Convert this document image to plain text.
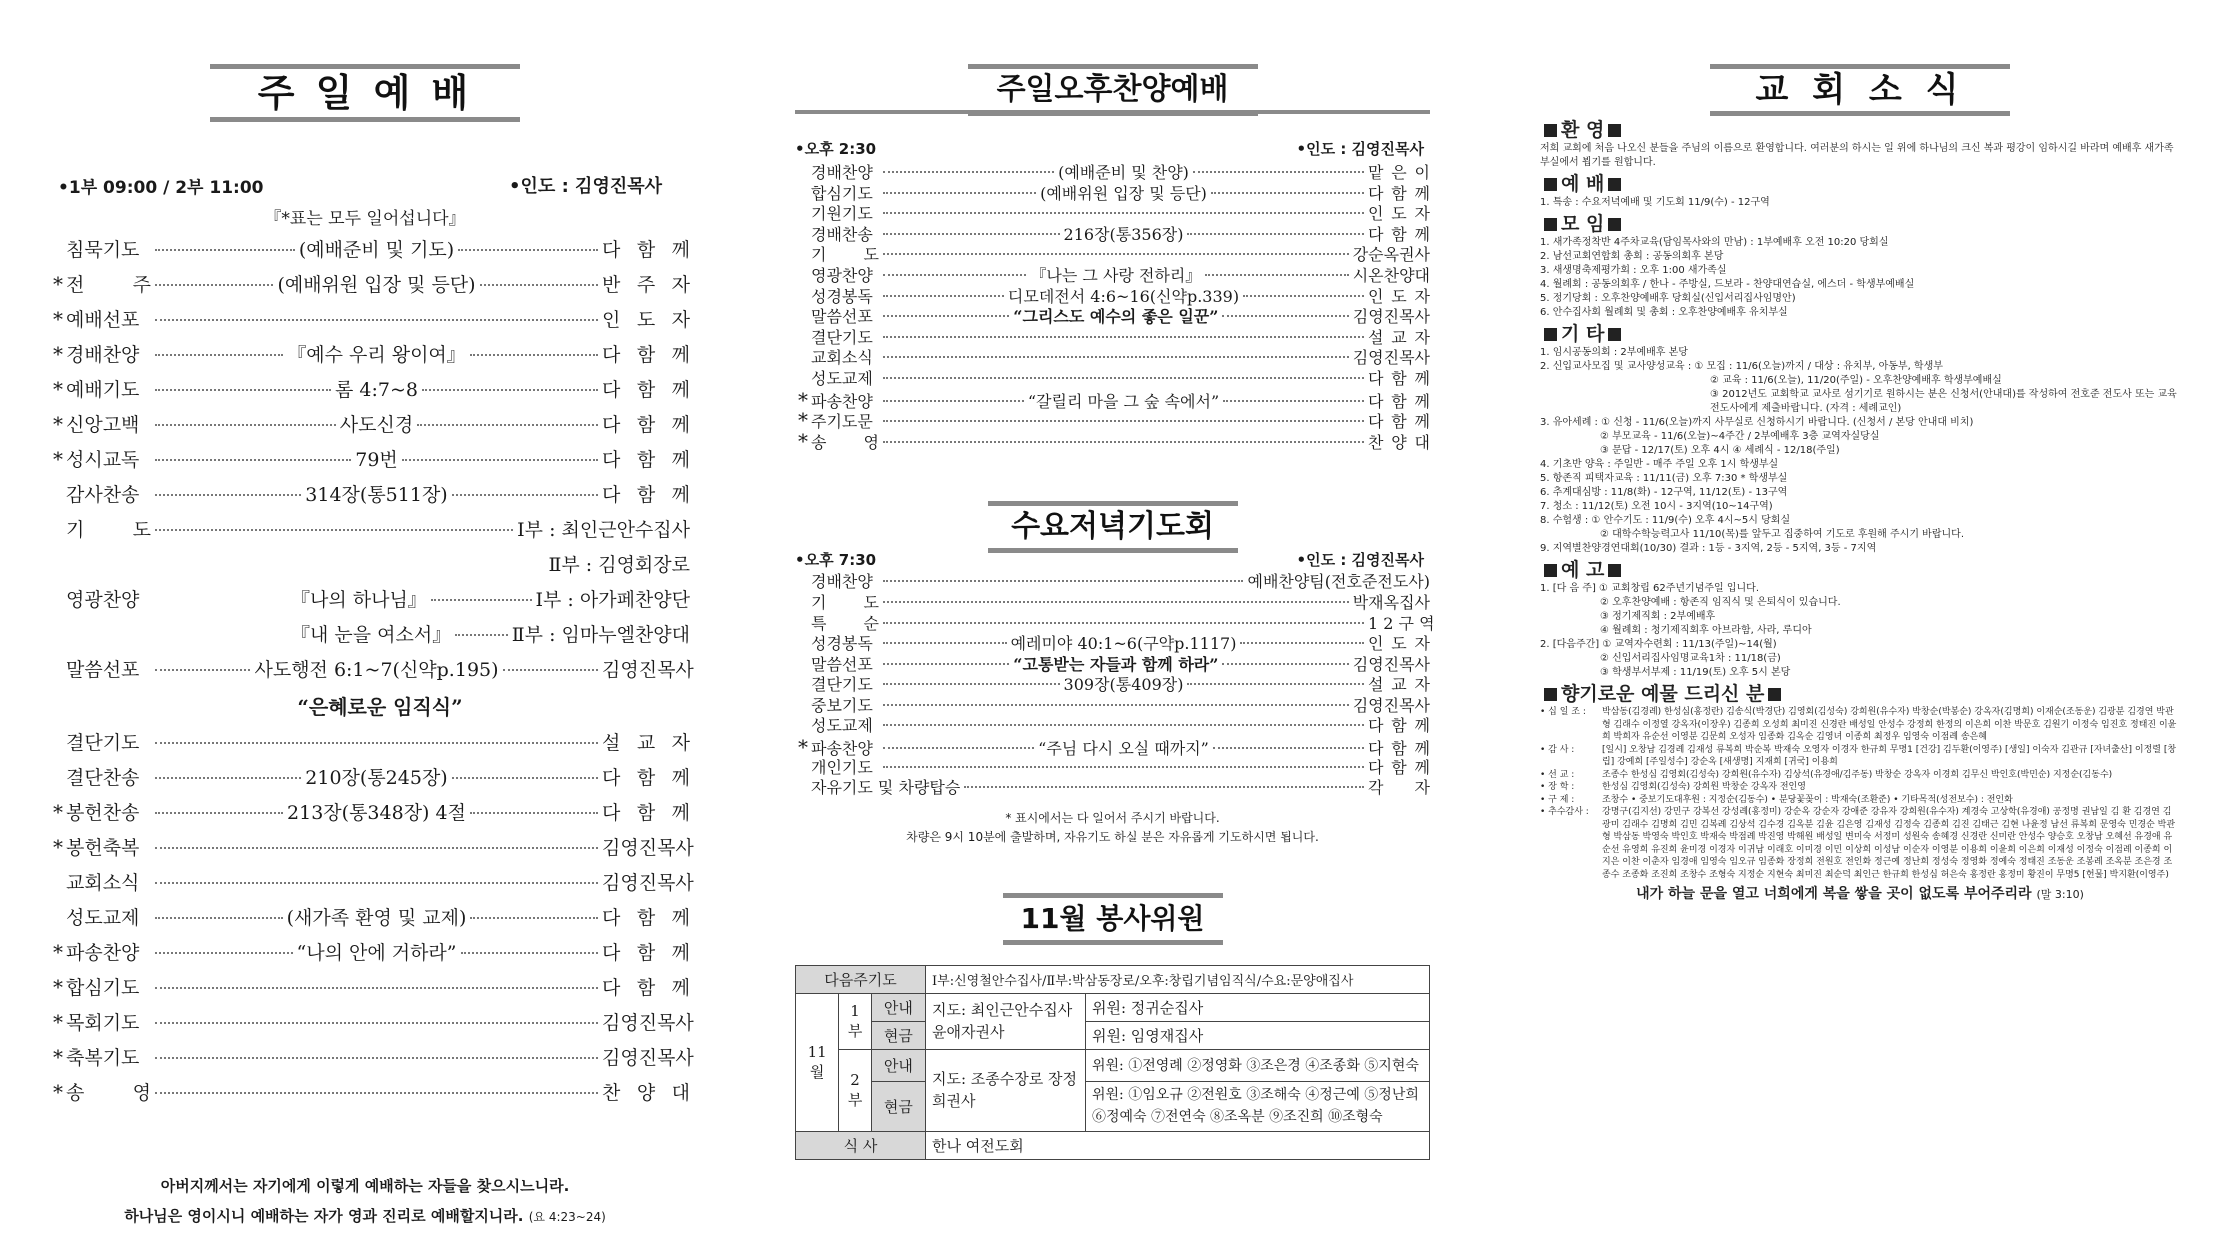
주 일 예 배
• 1부 09:00 / 2부 11:00	• 인도 : 김영진목사
『*표는 모두 일어섭니다』
침묵기도	(예배준비 및 기도)	다 함 께
* 전 주	(예배위원 입장 및 등단)	반 주 자
* 예배선포	인 도 자
* 경배찬양	『예수 우리 왕이여』	다 함 께
* 예배기도	롬 4:7~8	다 함 께
* 신앙고백	사도신경	다 함 께
* 성시교독	79번	다 함 께
감사찬송	314장(통511장)	다 함 께
기 도	Ⅰ부 : 최인근안수집사
Ⅱ부 : 김영회장로
영광찬양	『나의 하나님』	Ⅰ부 : 아가페찬양단
『내 눈을 여소서』	Ⅱ부 : 임마누엘찬양대
말씀선포	사도행전 6:1~7(신약p.195)	김영진목사
“은혜로운 임직식”
결단기도	설 교 자
결단찬송	210장(통245장)	다 함 께
* 봉헌찬송	213장(통348장) 4절	다 함 께
* 봉헌축복	김영진목사
교회소식	김영진목사
성도교제	(새가족 환영 및 교제)	다 함 께
* 파송찬양	“나의 안에 거하라”	다 함 께
* 합심기도	다 함 께
* 목회기도	김영진목사
* 축복기도	김영진목사
* 송 영	찬 양 대
아버지께서는 자기에게 이렇게 예배하는 자들을 찾으시느니라.
하나님은 영이시니 예배하는 자가 영과 진리로 예배할지니라. (요 4:23~24)
주일오후찬양예배
• 오후 2:30	• 인도 : 김영진목사
경배찬양	(예배준비 및 찬양)	맡 은 이
합심기도	(예배위원 입장 및 등단)	다 함 께
기원기도	인 도 자
경배찬송	216장(통356장)	다 함 께
기 도	강순옥권사
영광찬양	『나는 그 사랑 전하리』	시온찬양대
성경봉독	디모데전서 4:6~16(신약p.339)	인 도 자
말씀선포	“그리스도 예수의 좋은 일꾼”	김영진목사
결단기도	설 교 자
교회소식	김영진목사
성도교제	다 함 께
* 파송찬양	“갈릴리 마을 그 숲 속에서”	다 함 께
* 주기도문	다 함 께
* 송 영	찬 양 대
수요저녁기도회
• 오후 7:30	• 인도 : 김영진목사
경배찬양	예배찬양팀(전호준전도사)
기 도	박재옥집사
특 순	1 2 구 역
성경봉독	예레미야 40:1~6(구약p.1117)	인 도 자
말씀선포	“고통받는 자들과 함께 하라”	김영진목사
결단기도	309장(통409장)	설 교 자
중보기도	김영진목사
성도교제	다 함 께
* 파송찬양	“주님 다시 오실 때까지”	다 함 께
개인기도	다 함 께
자유기도 및 차량탑승	각 자
* 표시에서는 다 일어서 주시기 바랍니다.
차량은 9시 10분에 출발하며, 자유기도 하실 분은 자유롭게 기도하시면 됩니다.
11월 봉사위원
다음주기도			Ⅰ부:신영철안수집사/Ⅱ부:박삼동장로/오후:창립기념임직식/수요:문양애집사	
11월	1부	안내	지도: 최인근안수집사 윤애자권사	위원: 정귀순집사
		현금		위원: 임영재집사
	2부	안내	지도: 조종수장로 장정희권사	위원: ①전영례 ②정영화 ③조은경 ④조종화 ⑤지현숙
		현금		위원: ①임오규 ②전원호 ③조해숙 ④정근예 ⑤정난희 ⑥정예숙 ⑦전연숙 ⑧조옥분 ⑨조진희 ⑩조형숙
식 사			한나 여전도회	
교 회 소 식
환 영
저희 교회에 처음 나오신 분들을 주님의 이름으로 환영합니다. 여러분의 하시는 일 위에 하나님의 크신 복과 평강이 임하시길 바라며 예배후 새가족부실에서 뵙기를 원합니다.
예 배
1. 특송 : 수요저녁예배 및 기도회 11/9(수) - 12구역
모 임
1. 새가족정착반 4주차교육(담임목사와의 만남) : 1부예배후 오전 10:20 당회실
2. 남선교회연합회 총회 : 공동의회후 본당
3. 새생명축제평가회 : 오후 1:00 새가족실
4. 월례회 : 공동의회후 / 한나 - 주방실, 드보라 - 찬양대연습실, 에스더 - 학생부예배실
5. 정기당회 : 오후찬양예배후 당회실(신입서리집사임명안)
6. 안수집사회 월례회 및 총회 : 오후찬양예배후 유치부실
기 타
1. 임시공동의회 : 2부예배후 본당
2. 신입교사모집 및 교사양성교육 : ① 모집 : 11/6(오늘)까지 / 대상 : 유치부, 아동부, 학생부
② 교육 : 11/6(오늘), 11/20(주일) - 오후찬양예배후 학생부예배실
③ 2012년도 교회학교 교사로 섬기기로 원하시는 분은 신청서(안내대)를 작성하여 전호준 전도사 또는 교육전도사에게 제출바랍니다. (자격 : 세례교인)
3. 유아세례 : ① 신청 - 11/6(오늘)까지 사무실로 신청하시기 바랍니다. (신청서 / 본당 안내대 비치)
② 부모교육 - 11/6(오늘)~4주간 / 2부예배후 3층 교역자실당실
③ 문답 - 12/17(토) 오후 4시 ④ 세례식 - 12/18(주일)
4. 기초반 양육 : 주일반 - 매주 주일 오후 1시 학생부실
5. 항존직 피택자교육 : 11/11(금) 오후 7:30 * 학생부실
6. 추계대심방 : 11/8(화) - 12구역, 11/12(토) - 13구역
7. 청소 : 11/12(토) 오전 10시 - 3지역(10~14구역)
8. 수험생 : ① 안수기도 : 11/9(수) 오후 4시~5시 당회실
② 대학수학능력고사 11/10(목)를 앞두고 집중하여 기도로 후원해 주시기 바랍니다.
9. 지역별찬양경연대회(10/30) 결과 : 1등 - 3지역, 2등 - 5지역, 3등 - 7지역
예 고
1. [다 음 주] ① 교회창립 62주년기념주일 입니다.
② 오후찬양예배 : 항존직 임직식 및 은퇴식이 있습니다.
③ 정기제직회 : 2부예배후
④ 월례회 : 청기제직회후 아브라함, 사라, 루디아
2. [다음주간] ① 교역자수련회 : 11/13(주일)~14(월)
② 신입서리집사임명교육1차 : 11/18(금)
③ 학생부서부제 : 11/19(토) 오후 5시 본당
향기로운 예물 드리신 분
• 십 일 조 :	박삼동(김경례) 한성심(홍정란) 김송식(박경단) 김영회(김성숙) 강희원(유수자) 박창순(박봉순) 강옥자(김명희) 이재순(조동운) 김광분 김경연 박관형 김래수 이정열 강옥자(이장우) 김종희 오성희 최미진 신경란 배성일 안성수 강정희 한정의 이은희 이찬 박문호 김원기 이정숙 임진호 정태진 이윤희 박희자 유순선 이영분 김문희 오성자 임종화 김옥순 김영녀 이종희 최정우 임영숙 이점례 송은혜
• 감 사 :	[일시] 오창남 김경례 김재성 류복희 박순복 박재숙 오영자 이경자 한규희 무명1 [건강] 김두환(이영주) [생일] 이숙자 김관규 [자녀출산] 이정렬 [창립] 강예희 [주일성수] 강순옥 [새생명] 지재희 [귀국] 이용희
• 선 교 :	조종수 한성심 김영회(김성숙) 강희원(유수자) 김상석(유경애/김주동) 박창순 강옥자 이경희 김무신 박인호(박민순) 지정순(김동수)
• 장 학 :	한성심 김영회(김성숙) 강희원 박창순 강옥자 전인영
• 구 제 :	조창수 • 중보기도대후원 : 지정순(김동수) • 분당꽃꽂이 : 박재숙(조환준) • 기타목적(성전보수) : 전인화
• 추수감사 :	강명구(김지선) 강민구 강복선 강성례(홍정미) 강순옥 강순자 강애준 강유자 강희원(유수자) 계경숙 고상학(유경애) 공정명 권남일 김 환 김경연 김광미 김래수 김명희 김민 김복례 김상석 김수경 김옥분 김윤 김은영 김재성 김정숙 김종희 김진 김태근 김현 나윤정 남선 류복희 문영숙 민경순 박관형 박삼동 박영숙 박인호 박재숙 박점례 박진영 박해원 배성일 변미숙 서정미 성원숙 송혜경 신경란 신미란 안성수 양승호 오창남 오혜선 유경애 유순선 유영희 유진희 윤미경 이경자 이귀남 이래호 이미경 이민 이상희 이성남 이순자 이영분 이용희 이윤희 이은희 이재성 이정숙 이점례 이종희 이지은 이찬 이춘자 임경애 임영숙 임오규 임종화 장정희 전원호 전인화 정근예 정난희 정성숙 정영화 정예숙 정태진 조동운 조봉례 조옥분 조은경 조종수 조종화 조진희 조창수 조형숙 지정순 지현숙 최미진 최순덕 최인근 한규희 한성심 허은숙 홍정란 홍정미 황진이 무명5 [헌물] 박지환(이영주)
내가 하늘 문을 열고 너희에게 복을 쌓을 곳이 없도록 부어주리라 (말 3:10)
